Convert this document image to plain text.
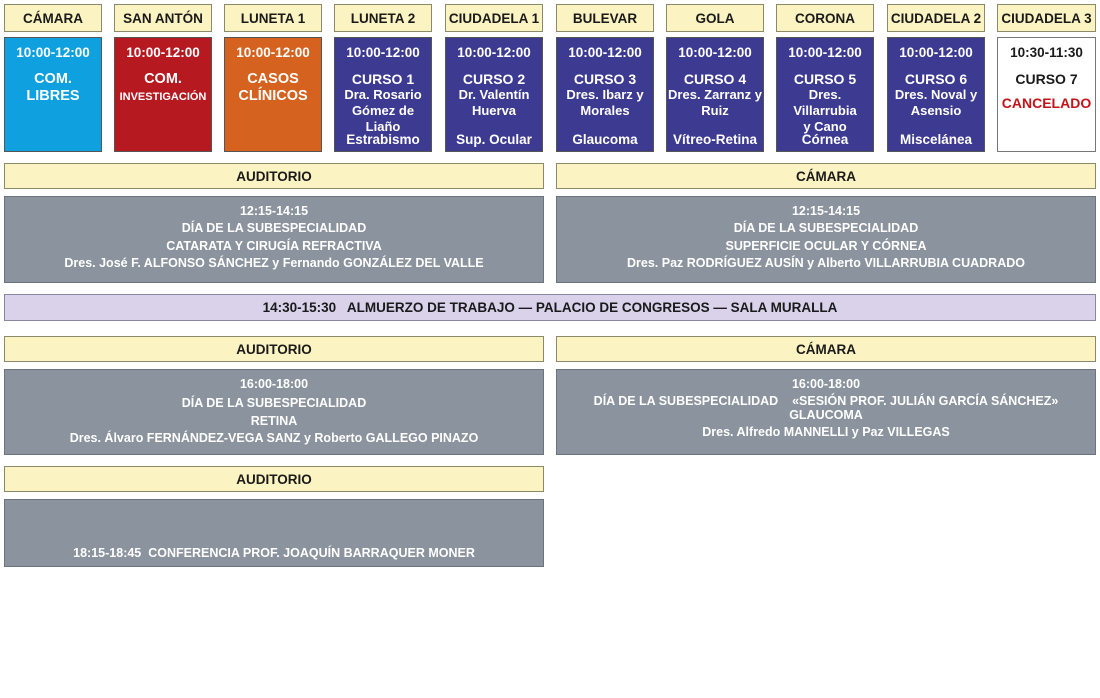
CÁMARA	SAN ANTÓN	LUNETA 1	LUNETA 2	CIUDADELA 1	BULEVAR	GOLA	CORONA	CIUDADELA 2	CIUDADELA 3
10:00-12:00
COM.
LIBRES
10:00-12:00
COM.
INVESTIGACIÓN
10:00-12:00
CASOS
CLÍNICOS
10:00-12:00
CURSO 1
Dra. Rosario
Gómez de Liaño
Estrabismo
10:00-12:00
CURSO 2
Dr. Valentín
Huerva
Sup. Ocular
10:00-12:00
CURSO 3
Dres. Ibarz y
Morales
Glaucoma
10:00-12:00
CURSO 4
Dres. Zarranz y
Ruiz
Vítreo-Retina
10:00-12:00
CURSO 5
Dres. Villarrubia
y Cano
Córnea
10:00-12:00
CURSO 6
Dres. Noval y
Asensio
Miscelánea
10:30-11:30
CURSO 7
CANCELADO
AUDITORIO	CÁMARA
12:15-14:15
DÍA DE LA SUBESPECIALIDAD
CATARATA Y CIRUGÍA REFRACTIVA
Dres. José F. ALFONSO SÁNCHEZ y Fernando GONZÁLEZ DEL VALLE
12:15-14:15
DÍA DE LA SUBESPECIALIDAD
SUPERFICIE OCULAR Y CÓRNEA
Dres. Paz RODRÍGUEZ AUSÍN y Alberto VILLARRUBIA CUADRADO
14:30-15:30   ALMUERZO DE TRABAJO — PALACIO DE CONGRESOS — SALA MURALLA
AUDITORIO	CÁMARA
16:00-18:00
DÍA DE LA SUBESPECIALIDAD
RETINA
Dres. Álvaro FERNÁNDEZ-VEGA SANZ y Roberto GALLEGO PINAZO
16:00-18:00
DÍA DE LA SUBESPECIALIDAD    «SESIÓN PROF. JULIÁN GARCÍA SÁNCHEZ»
GLAUCOMA
Dres. Alfredo MANNELLI y Paz VILLEGAS
AUDITORIO

18:15-18:45  CONFERENCIA PROF. JOAQUÍN BARRAQUER MONER

Prof. Javier MORENO MONTAÑÉS

Asociación entre estilos de vida y glaucoma
